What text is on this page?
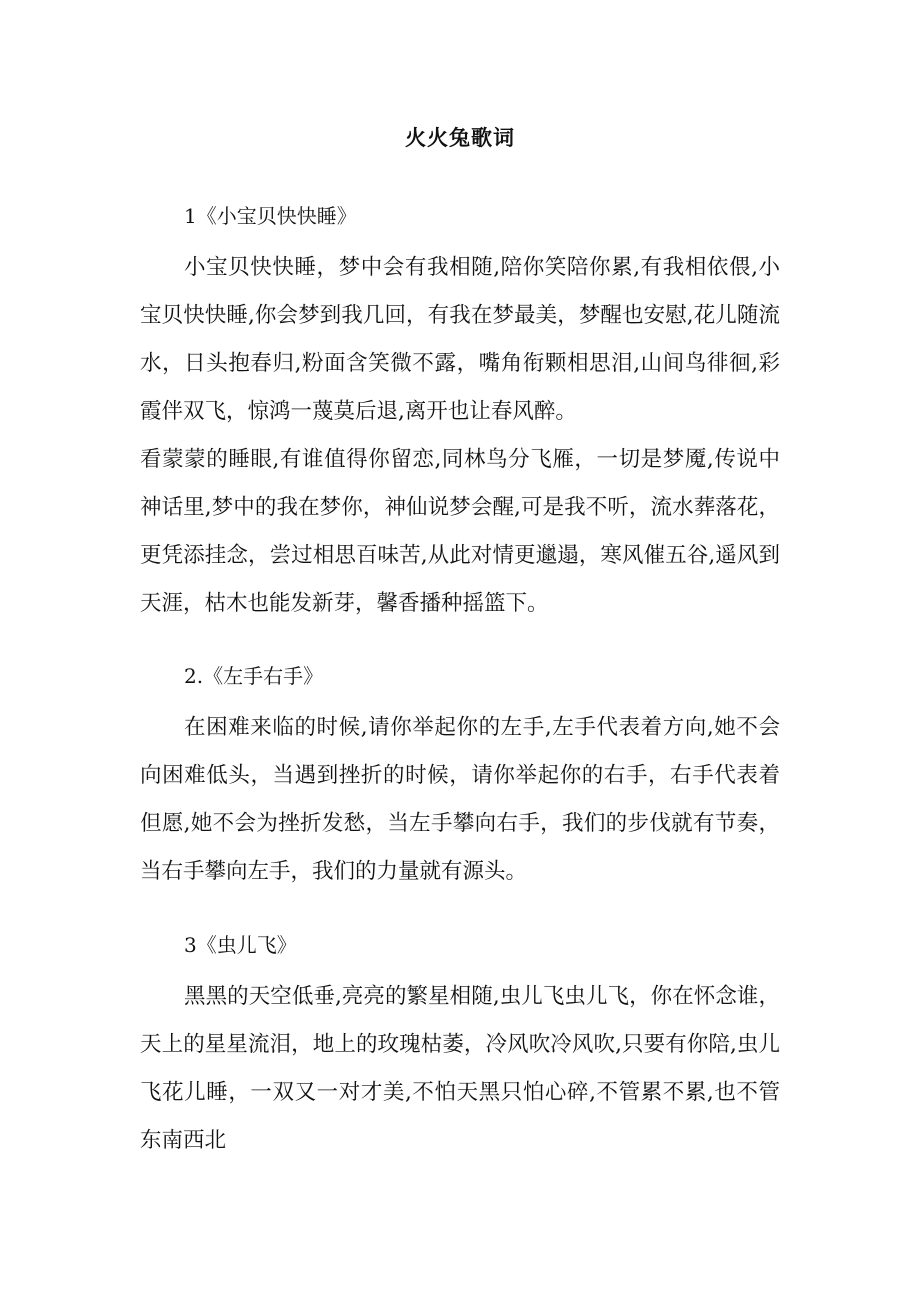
火火兔歌词

1《小宝贝快快睡》

小宝贝快快睡，梦中会有我相随,陪你笑陪你累,有我相依偎,小宝贝快快睡,你会梦到我几回，有我在梦最美，梦醒也安慰,花儿随流水，日头抱春归,粉面含笑微不露，嘴角衔颗相思泪,山间鸟徘徊,彩霞伴双飞，惊鸿一蔑莫后退,离开也让春风醉。

看蒙蒙的睡眼,有谁值得你留恋,同林鸟分飞雁，一切是梦魇,传说中神话里,梦中的我在梦你，神仙说梦会醒,可是我不听，流水葬落花，更凭添挂念，尝过相思百味苦,从此对情更邋遢，寒风催五谷,遥风到天涯，枯木也能发新芽，馨香播种摇篮下。

2.《左手右手》

在困难来临的时候,请你举起你的左手,左手代表着方向,她不会向困难低头，当遇到挫折的时候，请你举起你的右手，右手代表着但愿,她不会为挫折发愁，当左手攀向右手，我们的步伐就有节奏，当右手攀向左手，我们的力量就有源头。

3《虫儿飞》

黑黑的天空低垂,亮亮的繁星相随,虫儿飞虫儿飞，你在怀念谁，天上的星星流泪，地上的玫瑰枯萎，冷风吹冷风吹,只要有你陪,虫儿飞花儿睡，一双又一对才美,不怕天黑只怕心碎,不管累不累,也不管东南西北
